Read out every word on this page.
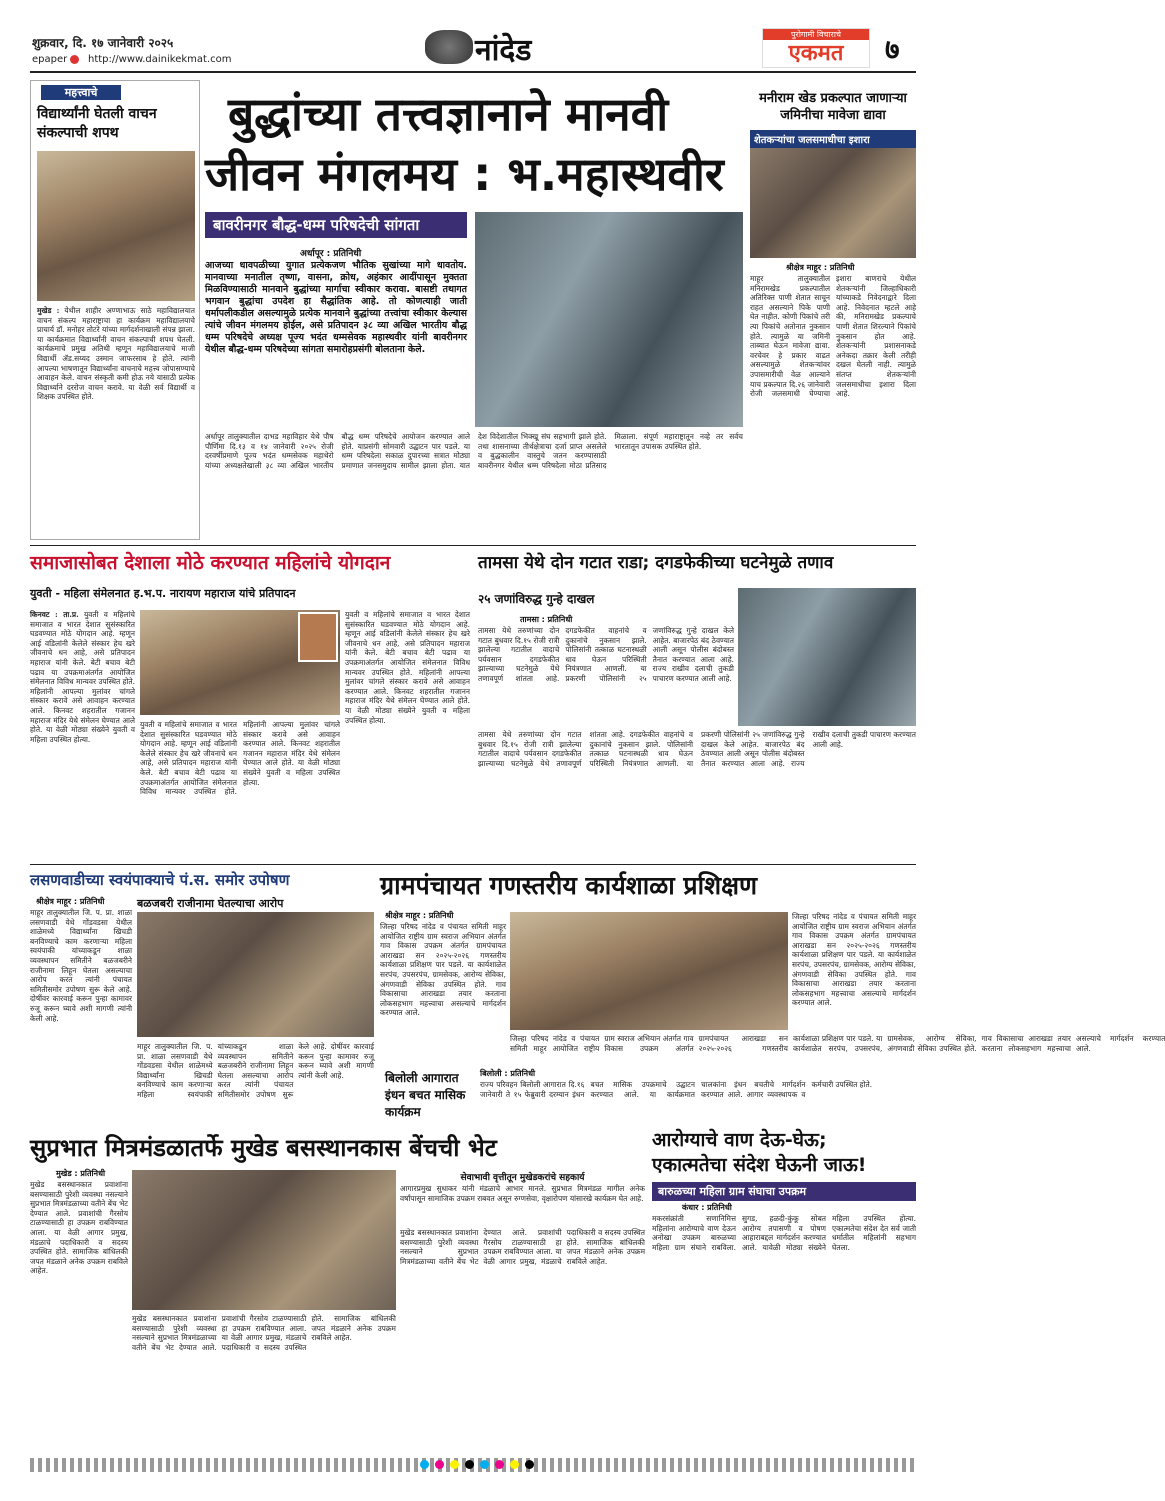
शुक्रवार, दि. १७ जानेवारी २०२५
epaper	http://www.dainikekmat.com	नांदेड	पुरोगामी विचाराचे
एकमत	७
महत्त्वाचे
विद्यार्थ्यांनी घेतली वाचन संकल्पाची शपथ
मुखेड : येथील शाहीर अण्णाभाऊ साठे महाविद्यालयात वाचन संकल्प महाराष्ट्राचा हा कार्यक्रम महाविद्यालयाचे प्राचार्य डॉ. मनोहर तोटरे यांच्या मार्गदर्शनाखाली संपन्न झाला. या कार्यक्रमात विद्यार्थ्यांनी वाचन संकल्पाची शपथ घेतली. कार्यक्रमाचे प्रमुख अतिथी म्हणून महाविद्यालयाचे माजी विद्यार्थी ॲड.सय्यद उस्मान जाफरसाब हे होते. त्यांनी आपल्या भाषणातून विद्यार्थ्यांना वाचनाचे महत्त्व जोपासण्याचे आवाहन केले. वाचन संस्कृती कमी होऊ नये यासाठी प्रत्येक विद्यार्थ्याने दररोज वाचन करावे. या वेळी सर्व विद्यार्थी व शिक्षक उपस्थित होते.
बुद्धांच्या तत्त्वज्ञानाने मानवी
जीवन मंगलमय : भ.महास्थवीर
बावरीनगर बौद्ध-धम्म परिषदेची सांगता
अर्धापूर : प्रतिनिधी
आजच्या धावपळीच्या युगात प्रत्येकजण भौतिक सुखांच्या मागे धावतोय. मानवाच्या मनातील तृष्णा, वासना, क्रोध, अहंकार आदींपासून मुक्तता मिळविण्यासाठी मानवाने बुद्धांच्या मार्गाचा स्वीकार करावा. बासष्टी तथागत भगवान बुद्धांचा उपदेश हा सैद्धांतिक आहे. तो कोणत्याही जाती धर्मापलीकडील असल्यामुळे प्रत्येक मानवाने बुद्धांच्या तत्त्वांचा स्वीकार केल्यास त्यांचे जीवन मंगलमय होईल, असे प्रतिपादन ३८ व्या अखिल भारतीय बौद्ध धम्म परिषदेचे अध्यक्ष पूज्य भदंत धम्मसेवक महास्थवीर यांनी बावरीनगर येथील बौद्ध-धम्म परिषदेच्या सांगता समारोहप्रसंगी बोलताना केले.
अर्धापूर तालुक्यातील दाभड महाविहार येथे पौष पौर्णिमा दि.१३ व १४ जानेवारी २०२५ रोजी दरवर्षीप्रमाणे पूज्य भदंत धम्मसेवक महाथेरो यांच्या अध्यक्षतेखाली ३८ व्या अखिल भारतीय बौद्ध धम्म परिषदेचे आयोजन करण्यात आले होते. याप्रसंगी सोमवारी उद्घाटन पार पडले. या धम्म परिषदेला सकाळ दुपारच्या सत्रात मोठ्या प्रमाणात जनसमुदाय सामील झाला होता. यात देश विदेशातील भिक्खू संघ सहभागी झाले होते. तथा शासनाच्या तीर्थक्षेत्राचा दर्जा प्राप्त असलेले व बुद्धकालीन वास्तुचे जतन करण्यासाठी बावरीनगर येथील धम्म परिषदेला मोठा प्रतिसाद मिळाला. संपूर्ण महाराष्ट्रातून नव्हे तर सर्वच भारतातून उपासक उपस्थित होते.
मनीराम खेड प्रकल्पात जाणाऱ्या जमिनीचा मावेजा द्यावा
शेतकऱ्यांचा जलसमाधीचा इशारा
श्रीक्षेत्र माहूर : प्रतिनिधी
माहूर तालुक्यातील मनिरामखेड प्रकल्पातील अतिरिक्त पाणी शेतात साचून राहत असल्याने पिके पाणी घेत नाहीत. कोणी पिकांचे तरी त्या पिकांचे अतोनात नुकसान होते. त्यामुळे या जमिनी ताब्यात घेऊन मावेजा द्यावा. वरचेवर हे प्रकार वाढत असल्यामुळे शेतकऱ्यांवर उपासमारीची वेळ आल्याने याच प्रकल्पात दि.२६ जानेवारी रोजी जलसमाधी घेण्याचा इशारा बाणराचे येथील शेतकऱ्यांनी जिल्हाधिकारी यांच्याकडे निवेदनाद्वारे दिला आहे. निवेदनात म्हटले आहे की, मनिरामखेड प्रकल्पाचे पाणी शेतात शिरल्याने पिकांचे नुकसान होत आहे. शेतकऱ्यांनी प्रशासनाकडे अनेकदा तक्रार केली तरीही दखल घेतली नाही. त्यामुळे संतप्त शेतकऱ्यांनी जलसमाधीचा इशारा दिला आहे.
समाजासोबत देशाला मोठे करण्यात महिलांचे योगदान
युवती - महिला संमेलनात ह.भ.प. नारायण महाराज यांचे प्रतिपादन
किनवट : ता.प्र. युवती व महिलांचे समाजात व भारत देशात सुसंस्कारित घडवण्यात मोठे योगदान आहे. म्हणून आई वडिलांनी केलेले संस्कार हेच खरे जीवनाचे धन आहे, असे प्रतिपादन महाराज यांनी केले. बेटी बचाव बेटी पढाव या उपक्रमाअंतर्गत आयोजित संमेलनात विविध मान्यवर उपस्थित होते. महिलांनी आपल्या मुलांवर चांगले संस्कार करावे असे आवाहन करण्यात आले. किनवट शहरातील गजानन महाराज मंदिर येथे संमेलन घेण्यात आले होते. या वेळी मोठ्या संख्येने युवती व महिला उपस्थित होत्या.
युवती व महिलांचे समाजात व भारत देशात सुसंस्कारित घडवण्यात मोठे योगदान आहे. म्हणून आई वडिलांनी केलेले संस्कार हेच खरे जीवनाचे धन आहे, असे प्रतिपादन महाराज यांनी केले. बेटी बचाव बेटी पढाव या उपक्रमाअंतर्गत आयोजित संमेलनात विविध मान्यवर उपस्थित होते. महिलांनी आपल्या मुलांवर चांगले संस्कार करावे असे आवाहन करण्यात आले. किनवट शहरातील गजानन महाराज मंदिर येथे संमेलन घेण्यात आले होते. या वेळी मोठ्या संख्येने युवती व महिला उपस्थित होत्या.
युवती व महिलांचे समाजात व भारत देशात सुसंस्कारित घडवण्यात मोठे योगदान आहे. म्हणून आई वडिलांनी केलेले संस्कार हेच खरे जीवनाचे धन आहे, असे प्रतिपादन महाराज यांनी केले. बेटी बचाव बेटी पढाव या उपक्रमाअंतर्गत आयोजित संमेलनात विविध मान्यवर उपस्थित होते. महिलांनी आपल्या मुलांवर चांगले संस्कार करावे असे आवाहन करण्यात आले. किनवट शहरातील गजानन महाराज मंदिर येथे संमेलन घेण्यात आले होते. या वेळी मोठ्या संख्येने युवती व महिला उपस्थित होत्या.
तामसा येथे दोन गटात राडा; दगडफेकीच्या घटनेमुळे तणाव
२५ जणांविरुद्ध गुन्हे दाखल
तामसा : प्रतिनिधी
तामसा येथे तरुणांच्या दोन गटात बुधवार दि.१५ रोजी रात्री झालेल्या गटातील वादाचे पर्यवसान दगडफेकीत झाल्याच्या घटनेमुळे येथे तणावपूर्ण शांतता आहे. दगडफेकीत वाहनांचे व दुकानांचे नुकसान झाले. पोलिसांनी तत्काळ घटनास्थळी धाव घेऊन परिस्थिती नियंत्रणात आणली. या प्रकरणी पोलिसांनी २५ जणांविरुद्ध गुन्हे दाखल केले आहेत. बाजारपेठ बंद ठेवण्यात आली असून पोलीस बंदोबस्त तैनात करण्यात आला आहे. राज्य राखीव दलाची तुकडी पाचारण करण्यात आली आहे.
तामसा येथे तरुणांच्या दोन गटात बुधवार दि.१५ रोजी रात्री झालेल्या गटातील वादाचे पर्यवसान दगडफेकीत झाल्याच्या घटनेमुळे येथे तणावपूर्ण शांतता आहे. दगडफेकीत वाहनांचे व दुकानांचे नुकसान झाले. पोलिसांनी तत्काळ घटनास्थळी धाव घेऊन परिस्थिती नियंत्रणात आणली. या प्रकरणी पोलिसांनी २५ जणांविरुद्ध गुन्हे दाखल केले आहेत. बाजारपेठ बंद ठेवण्यात आली असून पोलीस बंदोबस्त तैनात करण्यात आला आहे. राज्य राखीव दलाची तुकडी पाचारण करण्यात आली आहे.
लसणवाडीच्या स्वयंपाक्याचे पं.स. समोर उपोषण
श्रीक्षेत्र माहूर : प्रतिनिधी	बळजबरी राजीनामा घेतल्याचा आरोप
माहूर तालुक्यातील जि. प. प्रा. शाळा लसणवाडी येथे गोंडवडसा येथील शाळेमध्ये विद्यार्थ्यांना खिचडी बनविण्याचे काम करणाऱ्या महिला स्वयंपाकी यांच्याकडून शाळा व्यवस्थापन समितीने बळजबरीने राजीनामा लिहून घेतला असल्याचा आरोप करत त्यांनी पंचायत समितीसमोर उपोषण सुरू केले आहे. दोषींवर कारवाई करून पुन्हा कामावर रुजू करून घ्यावे अशी मागणी त्यांनी केली आहे.
माहूर तालुक्यातील जि. प. प्रा. शाळा लसणवाडी येथे गोंडवडसा येथील शाळेमध्ये विद्यार्थ्यांना खिचडी बनविण्याचे काम करणाऱ्या महिला स्वयंपाकी यांच्याकडून शाळा व्यवस्थापन समितीने बळजबरीने राजीनामा लिहून घेतला असल्याचा आरोप करत त्यांनी पंचायत समितीसमोर उपोषण सुरू केले आहे. दोषींवर कारवाई करून पुन्हा कामावर रुजू करून घ्यावे अशी मागणी त्यांनी केली आहे.
ग्रामपंचायत गणस्तरीय कार्यशाळा प्रशिक्षण
श्रीक्षेत्र माहूर : प्रतिनिधी
जिल्हा परिषद नांदेड व पंचायत समिती माहूर आयोजित राष्ट्रीय ग्राम स्वराज अभियान अंतर्गत गाव विकास उपक्रम अंतर्गत ग्रामपंचायत आराखडा सन २०२५-२०२६ गणस्तरीय कार्यशाळा प्रशिक्षण पार पडले. या कार्यशाळेत सरपंच, उपसरपंच, ग्रामसेवक, आरोग्य सेविका, अंगणवाडी सेविका उपस्थित होते. गाव विकासाचा आराखडा तयार करताना लोकसहभाग महत्त्वाचा असल्याचे मार्गदर्शन करण्यात आले.
जिल्हा परिषद नांदेड व पंचायत समिती माहूर आयोजित राष्ट्रीय ग्राम स्वराज अभियान अंतर्गत गाव विकास उपक्रम अंतर्गत ग्रामपंचायत आराखडा सन २०२५-२०२६ गणस्तरीय कार्यशाळा प्रशिक्षण पार पडले. या कार्यशाळेत सरपंच, उपसरपंच, ग्रामसेवक, आरोग्य सेविका, अंगणवाडी सेविका उपस्थित होते. गाव विकासाचा आराखडा तयार करताना लोकसहभाग महत्त्वाचा असल्याचे मार्गदर्शन करण्यात आले.
जिल्हा परिषद नांदेड व पंचायत समिती माहूर आयोजित राष्ट्रीय ग्राम स्वराज अभियान अंतर्गत गाव विकास उपक्रम अंतर्गत ग्रामपंचायत आराखडा सन २०२५-२०२६ गणस्तरीय कार्यशाळा प्रशिक्षण पार पडले. या कार्यशाळेत सरपंच, उपसरपंच, ग्रामसेवक, आरोग्य सेविका, अंगणवाडी सेविका उपस्थित होते. गाव विकासाचा आराखडा तयार करताना लोकसहभाग महत्त्वाचा असल्याचे मार्गदर्शन करण्यात आले.
बिलोली आगारात इंधन बचत मासिक कार्यक्रम
बिलोली : प्रतिनिधी
राज्य परिवहन बिलोली आगारात दि.१६ जानेवारी ते १५ फेब्रुवारी दरम्यान इंधन बचत मासिक उपक्रमाचे उद्घाटन करण्यात आले. या कार्यक्रमात चालकांना इंधन बचतीचे मार्गदर्शन करण्यात आले. आगार व्यवस्थापक व कर्मचारी उपस्थित होते.
आरोग्याचे वाण देऊ-घेऊ;
एकात्मतेचा संदेश घेऊनी जाऊ!
बारुळच्या महिला ग्राम संघाचा उपक्रम
कंधार : प्रतिनिधी
मकरसंक्रांती सणानिमित्त महिलांना आरोग्याचे वाण देऊन अनोखा उपक्रम बारुळच्या महिला ग्राम संघाने राबविला. सुगड, हळदी-कुंकू सोबत आरोग्य तपासणी व पोषण आहाराबद्दल मार्गदर्शन करण्यात आले. यावेळी मोठ्या संख्येने महिला उपस्थित होत्या. एकात्मतेचा संदेश देत सर्व जाती धर्मातील महिलांनी सहभाग घेतला.
सुप्रभात मित्रमंडळातर्फे मुखेड बसस्थानकास बेंचची भेट
मुखेड : प्रतिनिधी
मुखेड बसस्थानकात प्रवाशांना बसण्यासाठी पुरेशी व्यवस्था नसल्याने सुप्रभात मित्रमंडळाच्या वतीने बेंच भेट देण्यात आले. प्रवाशांची गैरसोय टाळण्यासाठी हा उपक्रम राबविण्यात आला. या वेळी आगार प्रमुख, मंडळाचे पदाधिकारी व सदस्य उपस्थित होते. सामाजिक बांधिलकी जपत मंडळाने अनेक उपक्रम राबविले आहेत.
मुखेड बसस्थानकात प्रवाशांना बसण्यासाठी पुरेशी व्यवस्था नसल्याने सुप्रभात मित्रमंडळाच्या वतीने बेंच भेट देण्यात आले. प्रवाशांची गैरसोय टाळण्यासाठी हा उपक्रम राबविण्यात आला. या वेळी आगार प्रमुख, मंडळाचे पदाधिकारी व सदस्य उपस्थित होते. सामाजिक बांधिलकी जपत मंडळाने अनेक उपक्रम राबविले आहेत.
सेवाभावी वृत्तीतून मुखेडकरांचे सहकार्य
आगारप्रमुख सुधाकर यांनी मंडळाचे आभार मानले. सुप्रभात मित्रमंडळ मागील अनेक वर्षांपासून सामाजिक उपक्रम राबवत असून रुग्णसेवा, वृक्षारोपण यांसारखे कार्यक्रम घेत आहे.
मुखेड बसस्थानकात प्रवाशांना बसण्यासाठी पुरेशी व्यवस्था नसल्याने सुप्रभात मित्रमंडळाच्या वतीने बेंच भेट देण्यात आले. प्रवाशांची गैरसोय टाळण्यासाठी हा उपक्रम राबविण्यात आला. या वेळी आगार प्रमुख, मंडळाचे पदाधिकारी व सदस्य उपस्थित होते. सामाजिक बांधिलकी जपत मंडळाने अनेक उपक्रम राबविले आहेत.
